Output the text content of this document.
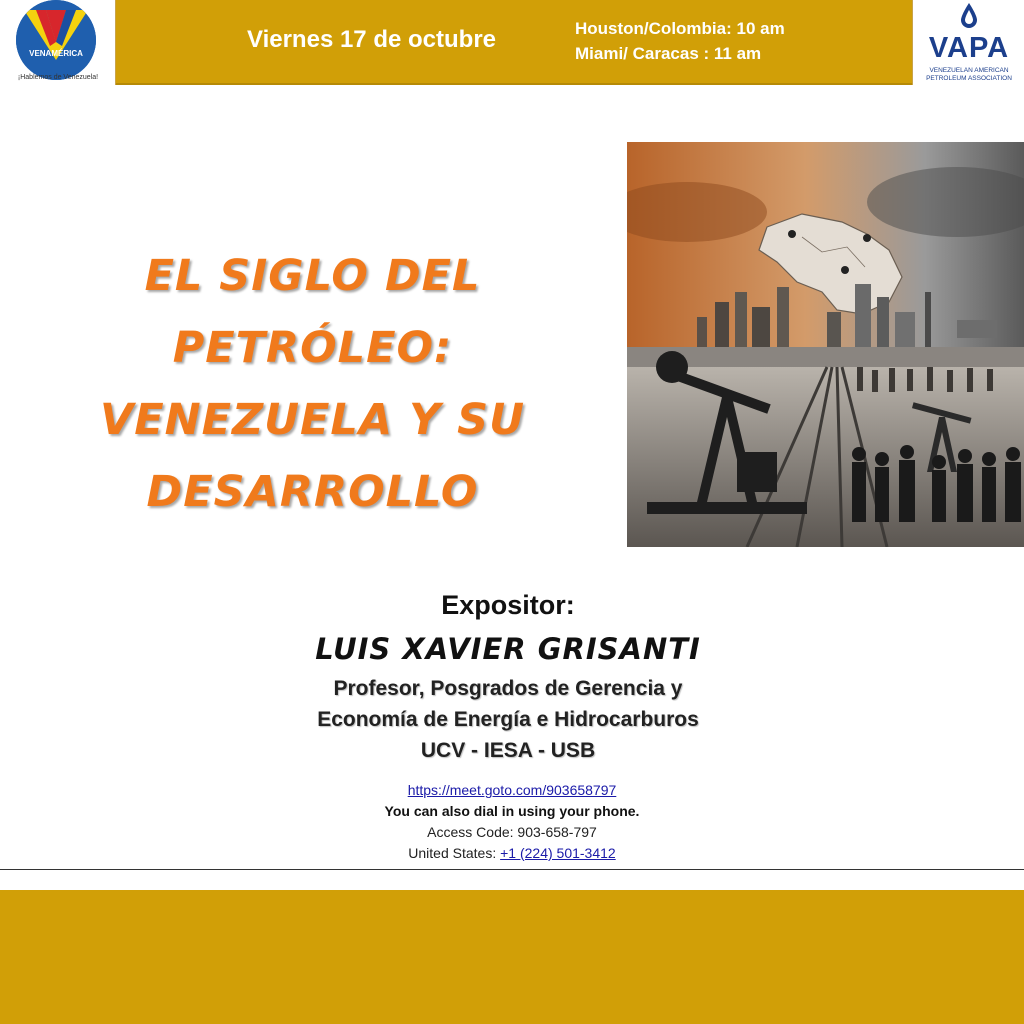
VENAMÉRICA
¡Hablemos de Venezuela!
Viernes 17 de octubre	Houston/Colombia: 10 am
Miami/ Caracas : 11 am	VAPA
VENEZUELAN AMERICAN
PETROLEUM ASSOCIATION
EL SIGLO DEL PETRÓLEO:
VENEZUELA Y SU
DESARROLLO
Expositor:
LUIS XAVIER GRISANTI
Profesor, Posgrados de Gerencia y
Economía de Energía e Hidrocarburos
UCV - IESA - USB
https://meet.goto.com/903658797
You can also dial in using your phone.
Access Code: 903-658-797
United States: +1 (224) 501-3412
